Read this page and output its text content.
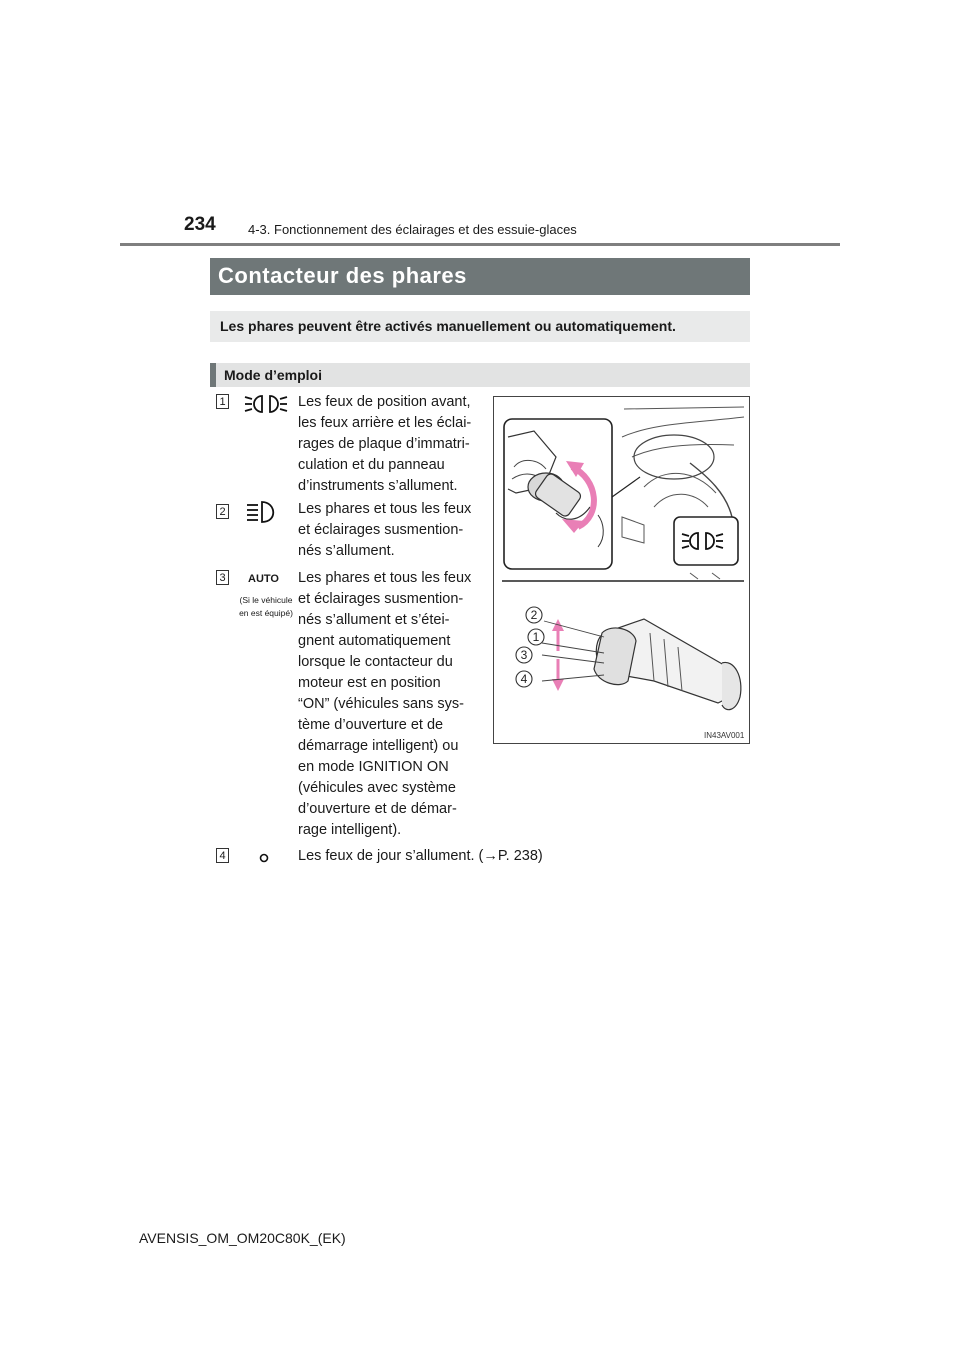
234 4-3. Fonctionnement des éclairages et des essuie-glaces
Contacteur des phares
Les phares peuvent être activés manuellement ou automatiquement.
Mode d’emploi
1	Les feux de position avant,
les feux arrière et les éclai-
rages de plaque d’immatri-
culation et du panneau
d’instruments s’allument.
2	Les phares et tous les feux
et éclairages susmention-
nés s’allument.
3	AUTO
(Si le véhicule en est équipé)
Les phares et tous les feux
et éclairages susmention-
nés s’allument et s’étei-
gnent automatiquement
lorsque le contacteur du
moteur est en position
“ON” (véhicules sans sys-
tème d’ouverture et de
démarrage intelligent) ou
en mode IGNITION ON
(véhicules avec système
d’ouverture et de démar-
rage intelligent).
4	Les feux de jour s’allument. (→P. 238)
2
1
3
4
IN43AV001
AVENSIS_OM_OM20C80K_(EK)
